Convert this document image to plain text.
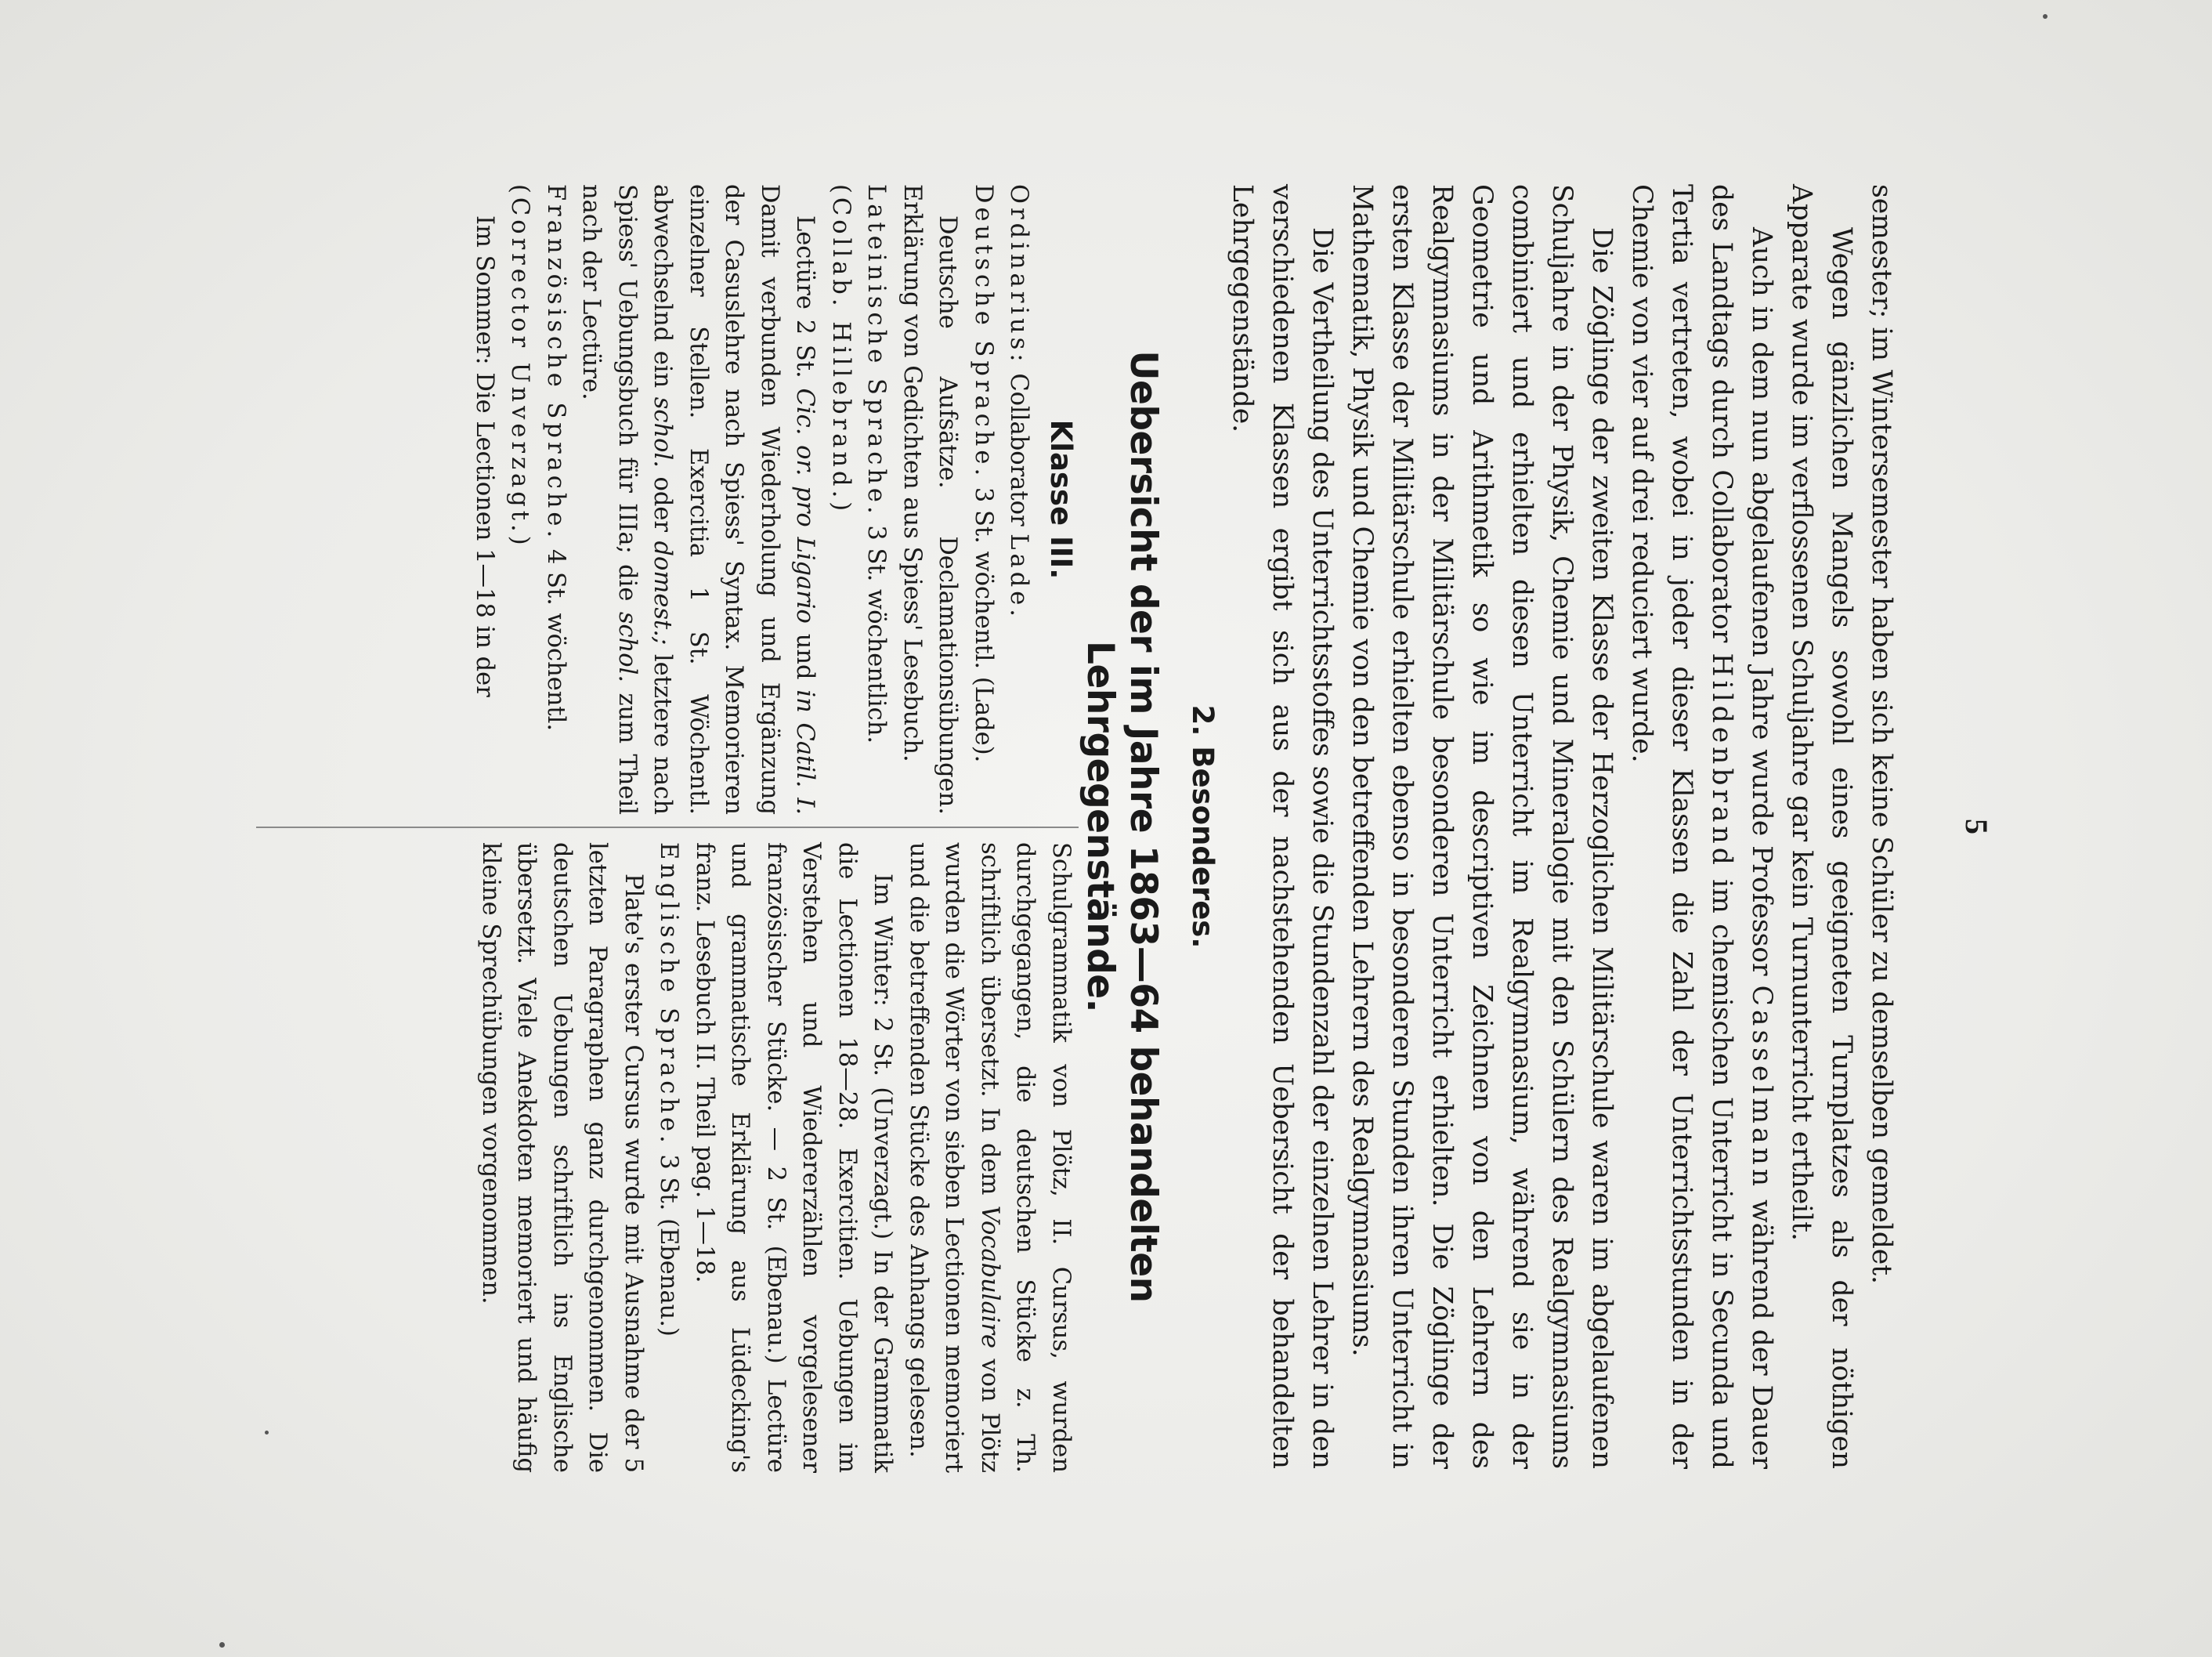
5

semester; im Wintersemester haben sich keine Schüler zu demselben gemeldet.

Wegen gänzlichen Mangels sowohl eines geeigneten Turnplatzes als der nöthigen Apparate wurde im verflossenen Schuljahre gar kein Turnunterricht ertheilt.

Auch in dem nun abgelaufenen Jahre wurde Professor Casselmann während der Dauer des Landtags durch Collaborator Hildenbrand im chemischen Unterricht in Secunda und Tertia vertreten, wobei in jeder dieser Klassen die Zahl der Unterrichtsstunden in der Chemie von vier auf drei reduciert wurde.

Die Zöglinge der zweiten Klasse der Herzoglichen Militärschule waren im abgelaufenen Schuljahre in der Physik, Chemie und Mineralogie mit den Schülern des Realgymnasiums combiniert und erhielten diesen Unterricht im Realgymnasium, während sie in der Geometrie und Arithmetik so wie im descriptiven Zeichnen von den Lehrern des Realgymnasiums in der Militärschule besonderen Unterricht erhielten. Die Zöglinge der ersten Klasse der Militärschule erhielten ebenso in besonderen Stunden ihren Unterricht in Mathematik, Physik und Chemie von den betreffenden Lehrern des Realgymnasiums.

Die Vertheilung des Unterrichtsstoffes sowie die Stundenzahl der einzelnen Lehrer in den verschiedenen Klassen ergibt sich aus der nachstehenden Uebersicht der behandelten Lehrgegenstände.

2. Besonderes.
Uebersicht der im Jahre 1863—64 behandelten Lehrgegenstände.
Klasse III.

Ordinarius: Collaborator Lade.

Deutsche Sprache. 3 St. wöchentl. (Lade).

Deutsche Aufsätze. Declamationsübungen. Erklärung von Gedichten aus Spiess' Lesebuch.

Lateinische Sprache. 3 St. wöchentlich.

(Collab. Hillebrand.)

Lectüre 2 St. Cic. or. pro Ligario und in Catil. I. Damit verbunden Wiederholung und Ergänzung der Casuslehre nach Spiess' Syntax. Memorieren einzelner Stellen. Exercitia 1 St. Wöchentl. abwechselnd ein schol. oder domest.; letztere nach Spiess' Uebungsbuch für IIIa; die schol. zum Theil nach der Lectüre.

Französische Sprache. 4 St. wöchentl.

(Corrector Unverzagt.)

Im Sommer: Die Lectionen 1—18 in der

Schulgrammatik von Plötz, II. Cursus, wurden durchgegangen, die deutschen Stücke z. Th. schriftlich übersetzt. In dem Vocabulaire von Plötz wurden die Wörter von sieben Lectionen memoriert und die betreffenden Stücke des Anhangs gelesen.

Im Winter: 2 St. (Unverzagt.) In der Grammatik die Lectionen 18—28. Exercitien. Uebungen im Verstehen und Wiedererzählen vorgelesener französischer Stücke. — 2 St. (Ebenau.) Lectüre und grammatische Erklärung aus Lüdecking's franz. Lesebuch II. Theil pag. 1—18.

Englische Sprache. 3 St. (Ebenau.)

Plate's erster Cursus wurde mit Ausnahme der 5 letzten Paragraphen ganz durchgenommen. Die deutschen Uebungen schriftlich ins Englische übersetzt. Viele Anekdoten memoriert und häufig kleine Sprechübungen vorgenommen.
